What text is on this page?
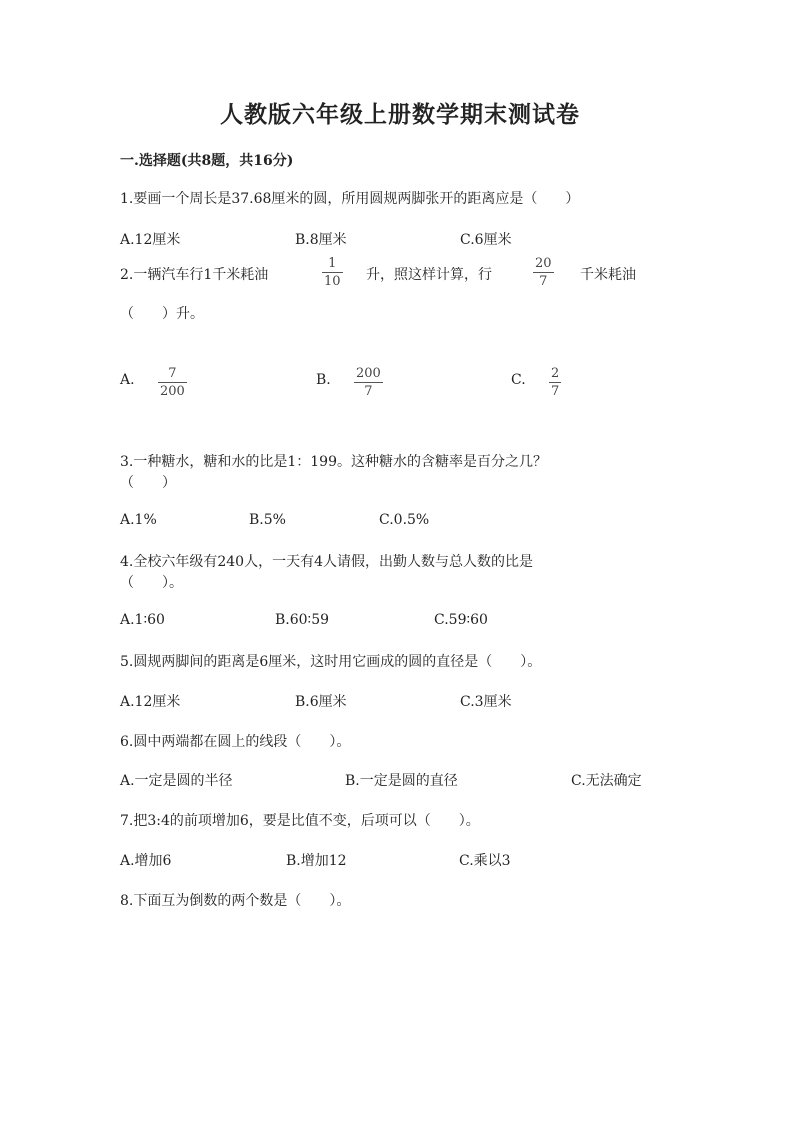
人教版六年级上册数学期末测试卷
一.选择题(共8题，共16分)
1.要画一个周长是37.68厘米的圆，所用圆规两脚张开的距离应是（　　）
A.12厘米	B.8厘米	C.6厘米
2.一辆汽车行1千米耗油
1
10 升，照这样计算，行
20
7 千米耗油
（　　）升。
A.	7
200
B. 200
7
C. 2
7
3.一种糖水，糖和水的比是1：199。这种糖水的含糖率是百分之几？
（　　）
A.1%	B.5%	C.0.5%
4.全校六年级有240人，一天有4人请假，出勤人数与总人数的比是
（　　）。
A.1∶60	B.60∶59	C.59∶60
5.圆规两脚间的距离是6厘米，这时用它画成的圆的直径是（　　）。
A.12厘米	B.6厘米	C.3厘米
6.圆中两端都在圆上的线段（　　）。
A.一定是圆的半径	B.一定是圆的直径	C.无法确定
7.把3:4的前项增加6，要是比值不变，后项可以（　　）。
A.增加6	B.增加12	C.乘以3
8.下面互为倒数的两个数是（　　）。
